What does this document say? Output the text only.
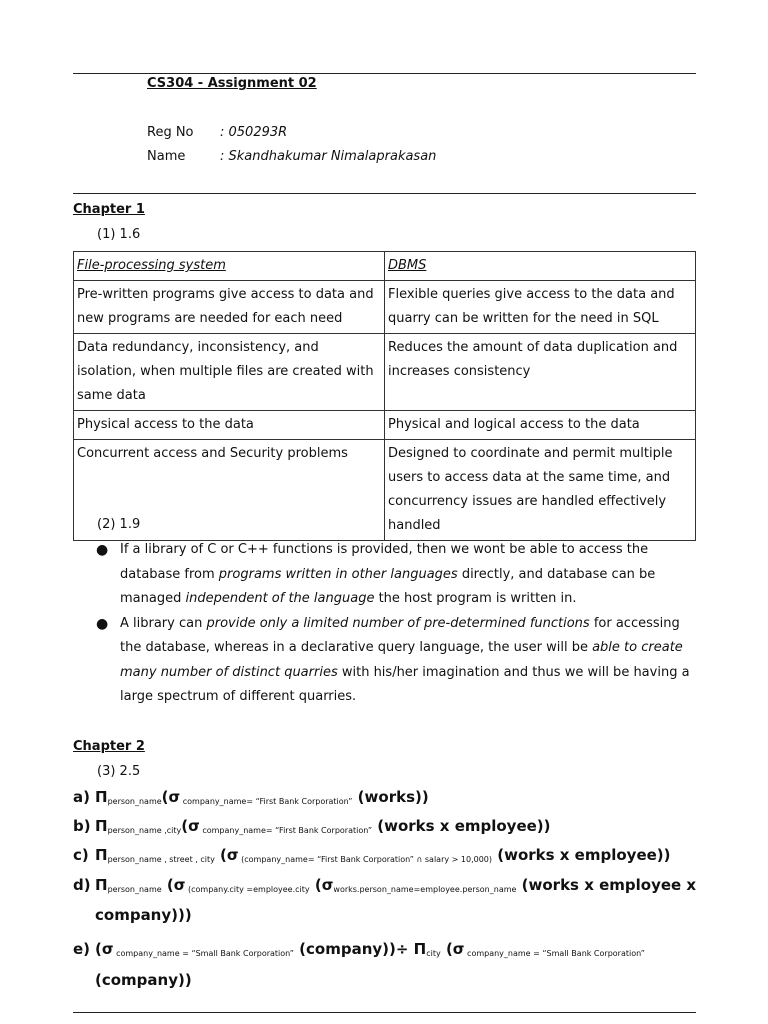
CS304 - Assignment 02
Reg No : 050293R
Name	: Skandhakumar Nimalaprakasan
Chapter 1
(1) 1.6
File-processing system	DBMS
Pre-written programs give access to data and new programs are needed for each need	Flexible queries give access to the data and quarry can be written for the need in SQL
Data redundancy, inconsistency, and isolation, when multiple files are created with same data	Reduces the amount of data duplication and increases consistency
Physical access to the data	Physical and logical access to the data
Concurrent access and Security problems	Designed to coordinate and permit multiple users to access data at the same time, and concurrency issues are handled effectively handled
(2) 1.9
● If a library of C or C++ functions is provided, then we wont be able to access the database from programs written in other languages directly, and database can be managed independent of the language the host program is written in.
● A library can provide only a limited number of pre-determined functions for accessing the database, whereas in a declarative query language, the user will be able to create many number of distinct quarries with his/her imagination and thus we will be having a large spectrum of different quarries.
Chapter 2
(3) 2.5
a) $\Pi_{person\_name}(\sigma$ $_{company\_name= “First Bank Corporation”}$ (works))
b) $\Pi_{person\_name ,city}(\sigma$ $_{company\_name= “First Bank Corporation”}$ (works x employee))
c) $\Pi_{person\_name , street , city}$ (σ $_{(company\_name= “First Bank Corporation” \cap salary > 10,000)}$ (works x employee))
d) $\Pi_{person\_name}$ (σ $_{(company.city =employee.city}$ ($\sigma_{works.person\_name=employee.person\_name}$ (works x employee x
company)))
e) (σ $_{company\_name = “Small Bank Corporation”}$ (company))÷ $\Pi_{city}$ (σ $_{company\_name = “Small Bank Corporation”}$
(company))
